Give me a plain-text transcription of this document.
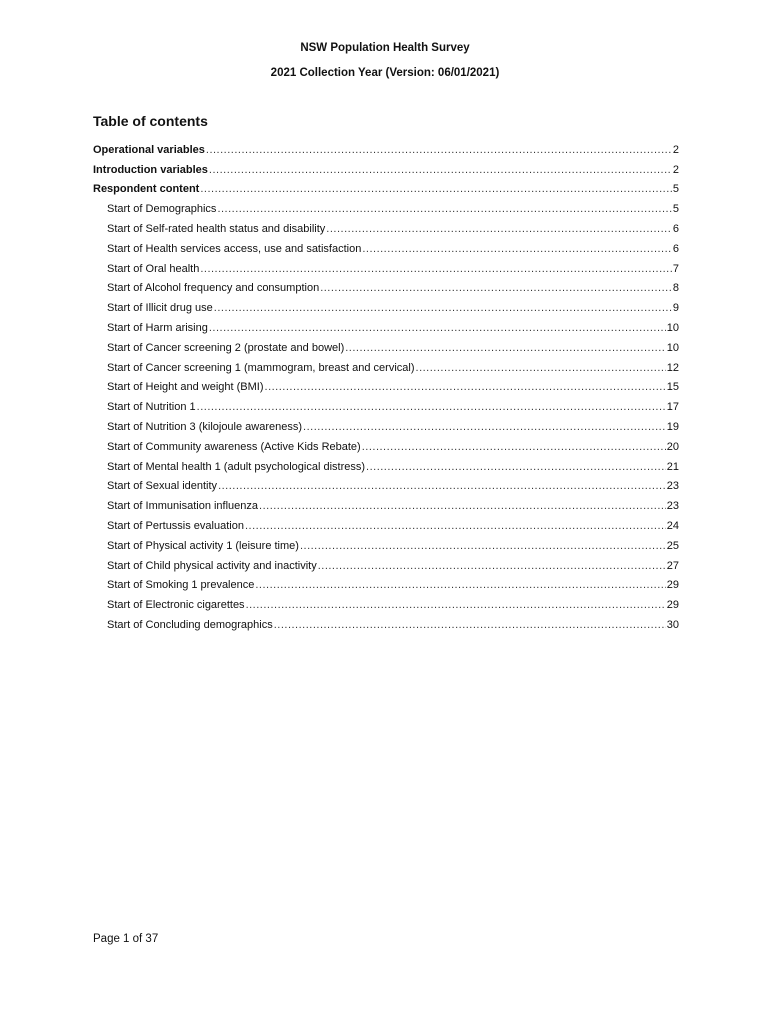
NSW Population Health Survey
2021 Collection Year (Version: 06/01/2021)
Table of contents
Operational variables .....	2
Introduction variables .....	2
Respondent content .....	5
Start of Demographics .....	5
Start of Self-rated health status and disability .....	6
Start of Health services access, use and satisfaction .....	6
Start of Oral health .....	7
Start of Alcohol frequency and consumption .....	8
Start of Illicit drug use .....	9
Start of Harm arising .....	10
Start of Cancer screening 2 (prostate and bowel) .....	10
Start of Cancer screening 1 (mammogram, breast and cervical) .....	12
Start of Height and weight (BMI) .....	15
Start of Nutrition 1 .....	17
Start of Nutrition 3 (kilojoule awareness) .....	19
Start of Community awareness (Active Kids Rebate) .....	20
Start of Mental health 1 (adult psychological distress) .....	21
Start of Sexual identity .....	23
Start of Immunisation influenza .....	23
Start of Pertussis evaluation .....	24
Start of Physical activity 1 (leisure time) .....	25
Start of Child physical activity and inactivity .....	27
Start of Smoking 1 prevalence .....	29
Start of Electronic cigarettes .....	29
Start of Concluding demographics .....	30
Page 1 of 37
